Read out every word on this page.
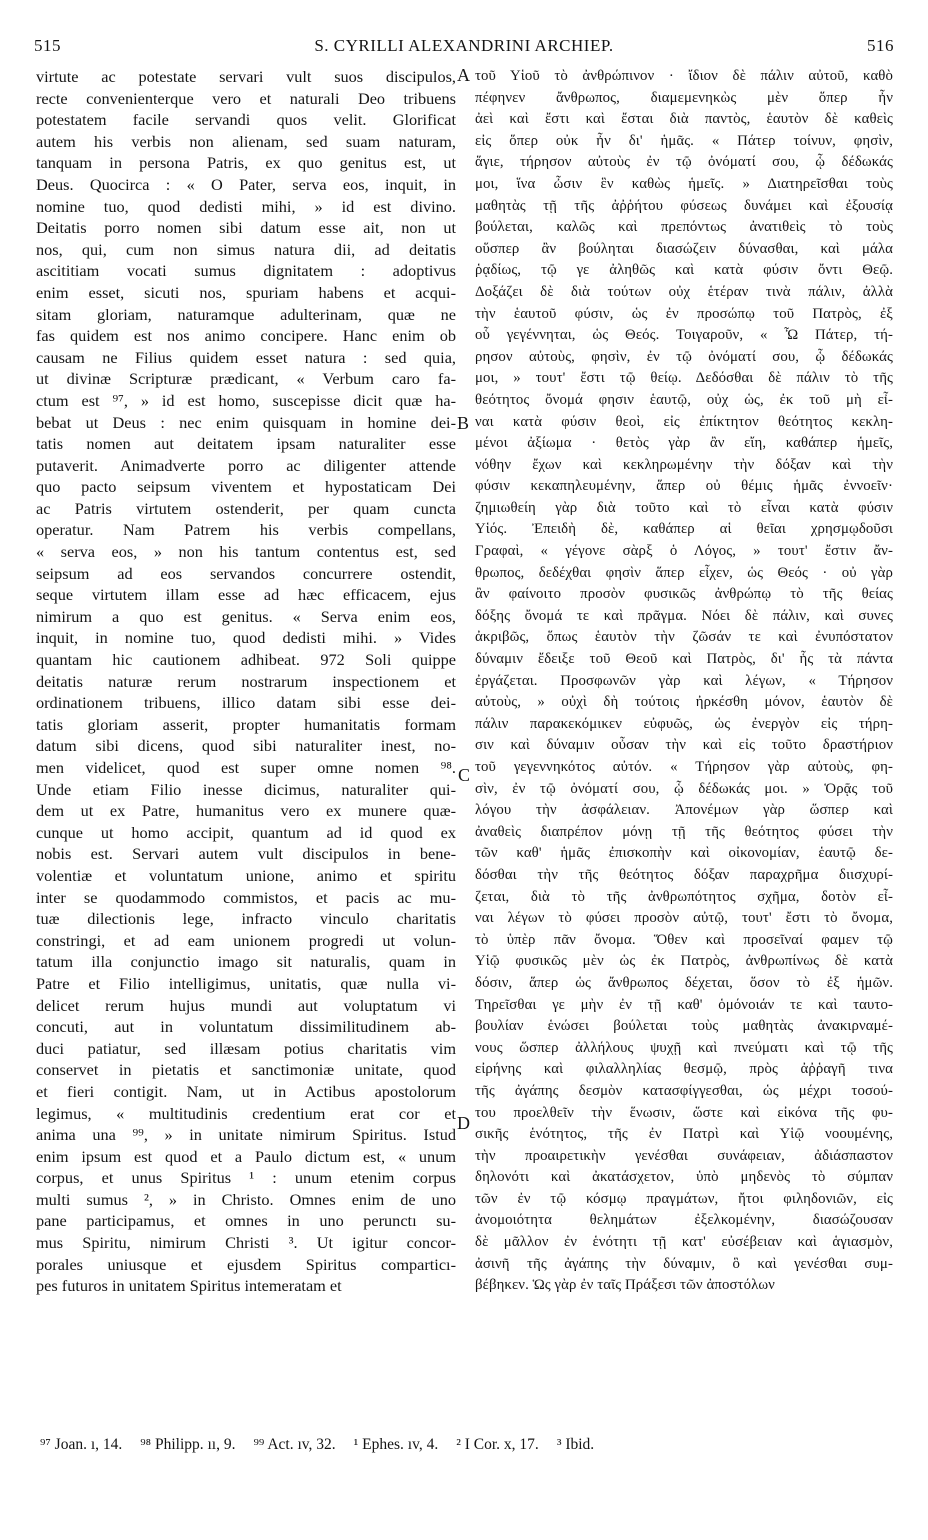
515	S. CYRILLI ALEXANDRINI ARCHIEP.	516
virtute ac potestate servari vult suos discipulos,
recte convenienterque vero et naturali Deo tribuens
potestatem facile servandi quos velit. Glorificat
autem his verbis non alienam, sed suam naturam,
tanquam in persona Patris, ex quo genitus est, ut
Deus. Quocirca : « O Pater, serva eos, inquit, in
nomine tuo, quod dedisti mihi, » id est divino.
Deitatis porro nomen sibi datum esse ait, non ut
nos, qui, cum non simus natura dii, ad deitatis
ascititiam vocati sumus dignitatem : adoptivus
enim esset, sicuti nos, spuriam habens et acqui-
sitam gloriam, naturamque adulterinam, quæ ne
fas quidem est nos animo concipere. Hanc enim ob
causam ne Filius quidem esset natura : sed quia,
ut divinæ Scripturæ prædicant, « Verbum caro fa-
ctum est ⁹⁷, » id est homo, suscepisse dicit quæ ha-
bebat ut Deus : nec enim quisquam in homine dei-
tatis nomen aut deitatem ipsam naturaliter esse
putaverit. Animadverte porro ac diligenter attende
quo pacto seipsum viventem et hypostaticam Dei
ac Patris virtutem ostenderit, per quam cuncta
operatur. Nam Patrem his verbis compellans,
« serva eos, » non his tantum contentus est, sed
seipsum ad eos servandos concurrere ostendit,
seque virtutem illam esse ad hæc efficacem, ejus
nimirum a quo est genitus. « Serva enim eos,
inquit, in nomine tuo, quod dedisti mihi. » Vides
quantam hic cautionem adhibeat. 972 Soli quippe
deitatis naturæ rerum nostrarum inspectionem et
ordinationem tribuens, illico datam sibi esse dei-
tatis gloriam asserit, propter humanitatis formam
datum sibi dicens, quod sibi naturaliter inest, no-
men videlicet, quod est super omne nomen ⁹⁸.
Unde etiam Filio inesse dicimus, naturaliter qui-
dem ut ex Patre, humanitus vero ex munere quæ-
cunque ut homo accipit, quantum ad id quod ex
nobis est. Servari autem vult discipulos in bene-
volentiæ et voluntatum unione, animo et spiritu
inter se quodammodo commistos, et pacis ac mu-
tuæ dilectionis lege, infracto vinculo charitatis
constringi, et ad eam unionem progredi ut volun-
tatum illa conjunctio imago sit naturalis, quam in
Patre et Filio intelligimus, unitatis, quæ nulla vi-
delicet rerum hujus mundi aut voluptatum vi
concuti, aut in voluntatum dissimilitudinem ab-
duci patiatur, sed illæsam potius charitatis vim
conservet in pietatis et sanctimoniæ unitate, quod
et fieri contigit. Nam, ut in Actibus apostolorum
legimus, « multitudinis credentium erat cor et
anima una ⁹⁹, » in unitate nimirum Spiritus. Istud
enim ipsum est quod et a Paulo dictum est, « unum
corpus, et unus Spiritus ¹ : unum etenim corpus
multi sumus ², » in Christo. Omnes enim de uno
pane participamus, et omnes in uno perunctı su-
mus Spiritu, nimirum Christi ³. Ut igitur concor-
porales uniusque et ejusdem Spiritus comparticı-
pes futuros in unitatem Spiritus intemeratam et
A
B
C
D
τοῦ Υἱοῦ τὸ ἀνθρώπινον · ἴδιον δὲ πάλιν αὐτοῦ, καθὸ
πέφηνεν ἄνθρωπος, διαμεμενηκὼς μὲν ὅπερ ἦν
ἀεὶ καὶ ἔστι καὶ ἔσται διὰ παντὸς, ἑαυτὸν δὲ καθεὶς
εἰς ὅπερ οὐκ ἦν δι' ἡμᾶς. « Πάτερ τοίνυν, φησὶν,
ἅγιε, τήρησον αὐτοὺς ἐν τῷ ὀνόματί σου, ᾧ δέδωκάς
μοι, ἵνα ὦσιν ἓν καθὼς ἡμεῖς. » Διατηρεῖσθαι τοὺς
μαθητὰς τῇ τῆς ἀῤῥήτου φύσεως δυνάμει καὶ ἐξουσίᾳ
βούλεται, καλῶς καὶ πρεπόντως ἀνατιθεὶς τὸ τοὺς
οὕσπερ ἂν βούληται διασώζειν δύνασθαι, καὶ μάλα
ῥᾳδίως, τῷ γε ἀληθῶς καὶ κατὰ φύσιν ὄντι Θεῷ.
Δοξάζει δὲ διὰ τούτων οὐχ ἑτέραν τινὰ πάλιν, ἀλλὰ
τὴν ἑαυτοῦ φύσιν, ὡς ἐν προσώπῳ τοῦ Πατρὸς, ἐξ
οὗ γεγέννηται, ὡς Θεός. Τοιγαροῦν, « Ὦ Πάτερ, τή-
ρησον αὐτοὺς, φησὶν, ἐν τῷ ὀνόματί σου, ᾧ δέδωκάς
μοι, » τουτ' ἔστι τῷ θείῳ. Δεδόσθαι δὲ πάλιν τὸ τῆς
θεότητος ὄνομά φησιν ἑαυτῷ, οὐχ ὡς, ἐκ τοῦ μὴ εἶ-
ναι κατὰ φύσιν θεοὶ, εἰς ἐπίκτητον θεότητος κεκλη-
μένοι ἀξίωμα · θετὸς γὰρ ἂν εἴη, καθάπερ ἡμεῖς,
νόθην ἔχων καὶ κεκληρωμένην τὴν δόξαν καὶ τὴν
φύσιν κεκαπηλευμένην, ἅπερ οὐ θέμις ἡμᾶς ἐννοεῖν·
ζημιωθείη γὰρ διὰ τοῦτο καὶ τὸ εἶναι κατὰ φύσιν
Υἱός. Ἐπειδὴ δὲ, καθάπερ αἱ θεῖαι χρησμῳδοῦσι
Γραφαὶ, « γέγονε σὰρξ ὁ Λόγος, » τουτ' ἔστιν ἄν-
θρωπος, δεδέχθαι φησὶν ἅπερ εἶχεν, ὡς Θεός · οὐ γὰρ
ἂν φαίνοιτο προσὸν φυσικῶς ἀνθρώπῳ τὸ τῆς θείας
δόξης ὄνομά τε καὶ πρᾶγμα. Νόει δὲ πάλιν, καὶ συνες
ἀκριβῶς, ὅπως ἑαυτὸν τὴν ζῶσάν τε καὶ ἐνυπόστατον
δύναμιν ἔδειξε τοῦ Θεοῦ καὶ Πατρὸς, δι' ἧς τὰ πάντα
ἐργάζεται. Προσφωνῶν γὰρ καὶ λέγων, « Τήρησον
αὐτοὺς, » οὐχὶ δὴ τούτοις ἠρκέσθη μόνον, ἑαυτὸν δὲ
πάλιν παρακεκόμικεν εὐφυῶς, ὡς ἐνεργὸν εἰς τήρη-
σιν καὶ δύναμιν οὖσαν τὴν καὶ εἰς τοῦτο δραστήριον
τοῦ γεγεννηκότος αὐτόν. « Τήρησον γὰρ αὐτοὺς, φη-
σὶν, ἐν τῷ ὀνόματί σου, ᾧ δέδωκάς μοι. » Ὁρᾷς τοῦ
λόγου τὴν ἀσφάλειαν. Ἀπονέμων γὰρ ὥσπερ καὶ
ἀναθεὶς διαπρέπον μόνῃ τῇ τῆς θεότητος φύσει τὴν
τῶν καθ' ἡμᾶς ἐπισκοπὴν καὶ οἰκονομίαν, ἑαυτῷ δε-
δόσθαι τὴν τῆς θεότητος δόξαν παραχρῆμα διισχυρί-
ζεται, διὰ τὸ τῆς ἀνθρωπότητος σχῆμα, δοτὸν εἶ-
ναι λέγων τὸ φύσει προσὸν αὐτῷ, τουτ' ἔστι τὸ ὄνομα,
τὸ ὑπὲρ πᾶν ὄνομα. Ὅθεν καὶ προσεῖναί φαμεν τῷ
Υἱῷ φυσικῶς μὲν ὡς ἐκ Πατρὸς, ἀνθρωπίνως δὲ κατὰ
δόσιν, ἅπερ ὡς ἄνθρωπος δέχεται, ὅσον τὸ ἐξ ἡμῶν.
Τηρεῖσθαι γε μὴν ἐν τῇ καθ' ὁμόνοιάν τε καὶ ταυτο-
βουλίαν ἑνώσει βούλεται τοὺς μαθητὰς ἀνακιρναμέ-
νους ὥσπερ ἀλλήλους ψυχῇ καὶ πνεύματι καὶ τῷ τῆς
εἰρήνης καὶ φιλαλληλίας θεσμῷ, πρὸς ἀῤῥαγῆ τινα
τῆς ἀγάπης δεσμὸν κατασφίγγεσθαι, ὡς μέχρι τοσού-
του προελθεῖν τὴν ἕνωσιν, ὥστε καὶ εἰκόνα τῆς φυ-
σικῆς ἑνότητος, τῆς ἐν Πατρὶ καὶ Υἱῷ νοουμένης,
τὴν προαιρετικὴν γενέσθαι συνάφειαν, ἀδιάσπαστον
δηλονότι καὶ ἀκατάσχετον, ὑπὸ μηδενὸς τὸ σύμπαν
τῶν ἐν τῷ κόσμῳ πραγμάτων, ἤτοι φιληδονιῶν, εἰς
ἀνομοιότητα θελημάτων ἐξελκομένην, διασώζουσαν
δὲ μᾶλλον ἐν ἑνότητι τῇ κατ' εὐσέβειαν καὶ ἁγιασμὸν,
ἀσινῆ τῆς ἀγάπης τὴν δύναμιν, ὃ καὶ γενέσθαι συμ-
βέβηκεν. Ὡς γὰρ ἐν ταῖς Πράξεσι τῶν ἀποστόλων
⁹⁷ Joan. ı, 14. ⁹⁸ Philipp. ıı, 9. ⁹⁹ Act. ıv, 32. ¹ Ephes. ıv, 4. ² I Cor. x, 17. ³ Ibid.
